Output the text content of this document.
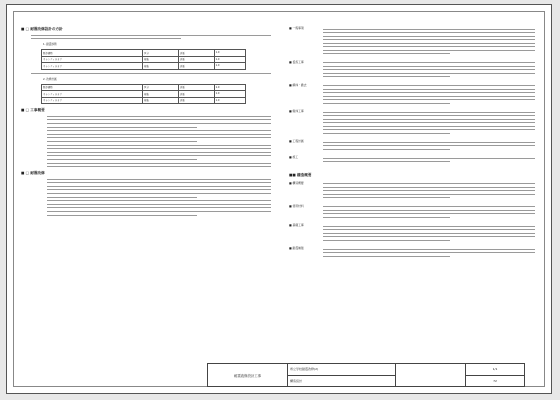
■ □ 耐震改修設計の方針
1. 耐震診断
既存建物	区分	評価	1.0
キャンティスラブ	補強	評価	1.0
キャンティスラブ	補強	評価	1.0
2. 改修計画
既存建物	区分	評価	1.0
キャンティスラブ	補強	評価	1.0
キャンティスラブ	補強	評価	1.0
■ □ 工事概要
■ □ 耐震改修
■ 一般事項
■ 仮設工事
■ 解体・撤去
■ 躯体工事
■ 工程計画
■ 施工
■■ 構造概要
■ 構造概要
■ 使用材料
■ 基礎工事
■ 耐震補強
耐震改修設計工事
県立学校耐震改修(2)
構造設計
1/1
72
